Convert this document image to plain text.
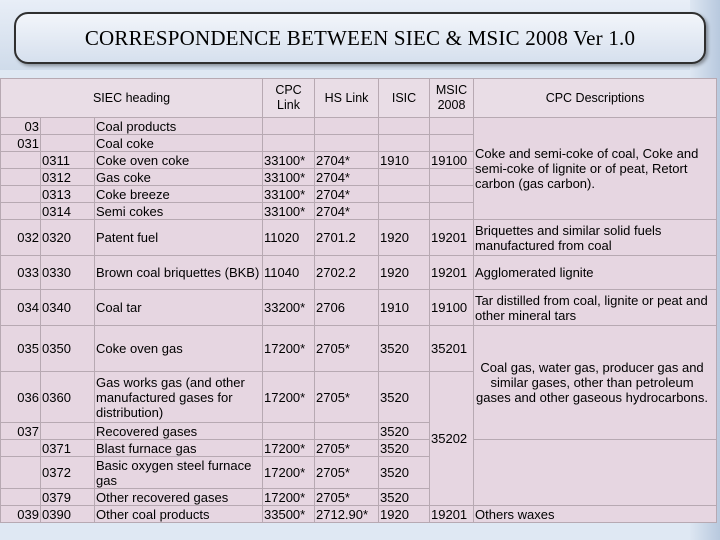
CORRESPONDENCE BETWEEN SIEC & MSIC 2008 Ver 1.0
SIEC heading			CPC Link	HS Link	ISIC	MSIC 2008	CPC Descriptions
03			Coal products					Coke and semi-coke of coal, Coke and semi-coke of lignite or of peat, Retort carbon (gas carbon).
031			Coal coke					
		0311	Coke oven coke	33100*	2704*	1910	19100	
		0312	Gas coke	33100*	2704*			
		0313	Coke breeze	33100*	2704*			
		0314	Semi cokes	33100*	2704*			
032		0320	Patent fuel	11020	2701.2	1920	19201	Briquettes and similar solid fuels manufactured from coal
033		0330	Brown coal briquettes (BKB)	11040	2702.2	1920	19201	Agglomerated lignite
034		0340	Coal tar	33200*	2706	1910	19100	Tar distilled from coal, lignite or peat and other mineral tars
035		0350	Coke oven gas	17200*	2705*	3520	35201	Coal gas, water gas, producer gas and similar gases, other than petroleum gases and other gaseous hydrocarbons.
036		0360	Gas works gas (and other manufactured gases for distribution)	17200*	2705*	3520	35202	
037			Recovered gases			3520		
		0371	Blast furnace gas	17200*	2705*	3520		
		0372	Basic oxygen steel furnace gas	17200*	2705*	3520		
		0379	Other recovered gases	17200*	2705*	3520		
039		0390	Other coal products	33500*	2712.90*	1920	19201	Others waxes
